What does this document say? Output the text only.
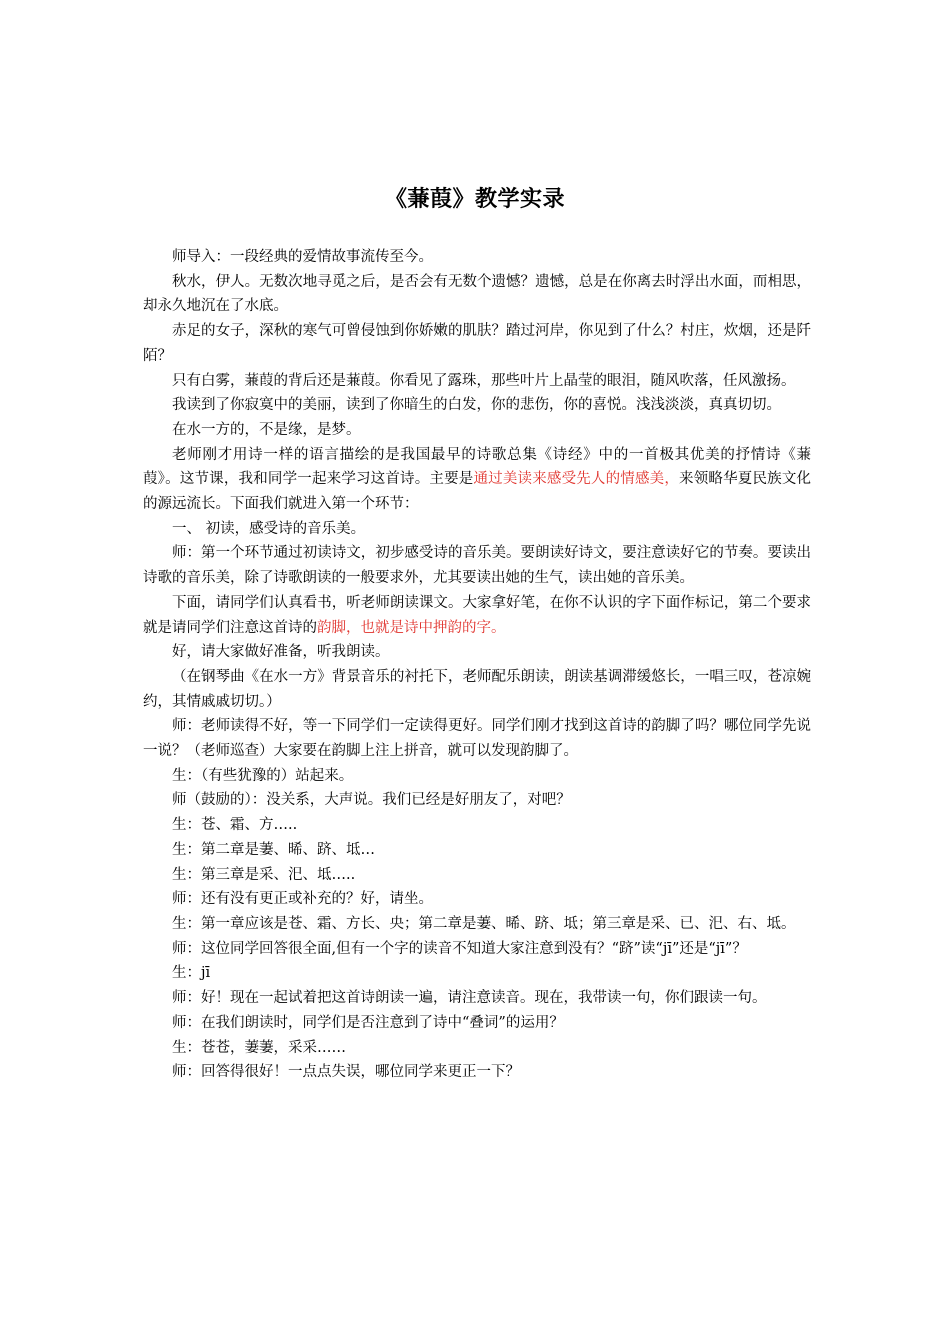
《蒹葭》教学实录

师导入：一段经典的爱情故事流传至今。

秋水，伊人。无数次地寻觅之后，是否会有无数个遗憾？遗憾，总是在你离去时浮出水面，而相思，却永久地沉在了水底。

赤足的女子，深秋的寒气可曾侵蚀到你娇嫩的肌肤？踏过河岸，你见到了什么？村庄，炊烟，还是阡陌？

只有白雾，蒹葭的背后还是蒹葭。你看见了露珠，那些叶片上晶莹的眼泪，随风吹落，任风激扬。

我读到了你寂寞中的美丽，读到了你暗生的白发，你的悲伤，你的喜悦。浅浅淡淡，真真切切。

在水一方的，不是缘，是梦。

老师刚才用诗一样的语言描绘的是我国最早的诗歌总集《诗经》中的一首极其优美的抒情诗《蒹葭》。这节课，我和同学一起来学习这首诗。主要是通过美读来感受先人的情感美，来领略华夏民族文化的源远流长。下面我们就进入第一个环节：

一、 初读，感受诗的音乐美。

师：第一个环节通过初读诗文，初步感受诗的音乐美。要朗读好诗文，要注意读好它的节奏。要读出诗歌的音乐美，除了诗歌朗读的一般要求外，尤其要读出她的生气，读出她的音乐美。

下面，请同学们认真看书，听老师朗读课文。大家拿好笔，在你不认识的字下面作标记，第二个要求就是请同学们注意这首诗的韵脚，也就是诗中押韵的字。

好，请大家做好准备，听我朗读。

（在钢琴曲《在水一方》背景音乐的衬托下，老师配乐朗读，朗读基调滞缓悠长，一唱三叹，苍凉婉约，其情戚戚切切。）

师：老师读得不好，等一下同学们一定读得更好。同学们刚才找到这首诗的韵脚了吗？哪位同学先说一说？（老师巡查）大家要在韵脚上注上拼音，就可以发现韵脚了。

生：（有些犹豫的）站起来。

师（鼓励的）：没关系，大声说。我们已经是好朋友了，对吧？

生：苍、霜、方…..

生：第二章是萋、晞、跻、坻…

生：第三章是采、汜、坻…..

师：还有没有更正或补充的？好，请坐。

生：第一章应该是苍、霜、方长、央；第二章是萋、晞、跻、坻；第三章是采、已、汜、右、坻。

师：这位同学回答很全面,但有一个字的读音不知道大家注意到没有？“跻”读“jī”还是“jī”？

生：jī

师：好！现在一起试着把这首诗朗读一遍，请注意读音。现在，我带读一句，你们跟读一句。

师：在我们朗读时，同学们是否注意到了诗中“叠词”的运用？

生：苍苍，萋萋，采采……

师：回答得很好！一点点失误，哪位同学来更正一下？
